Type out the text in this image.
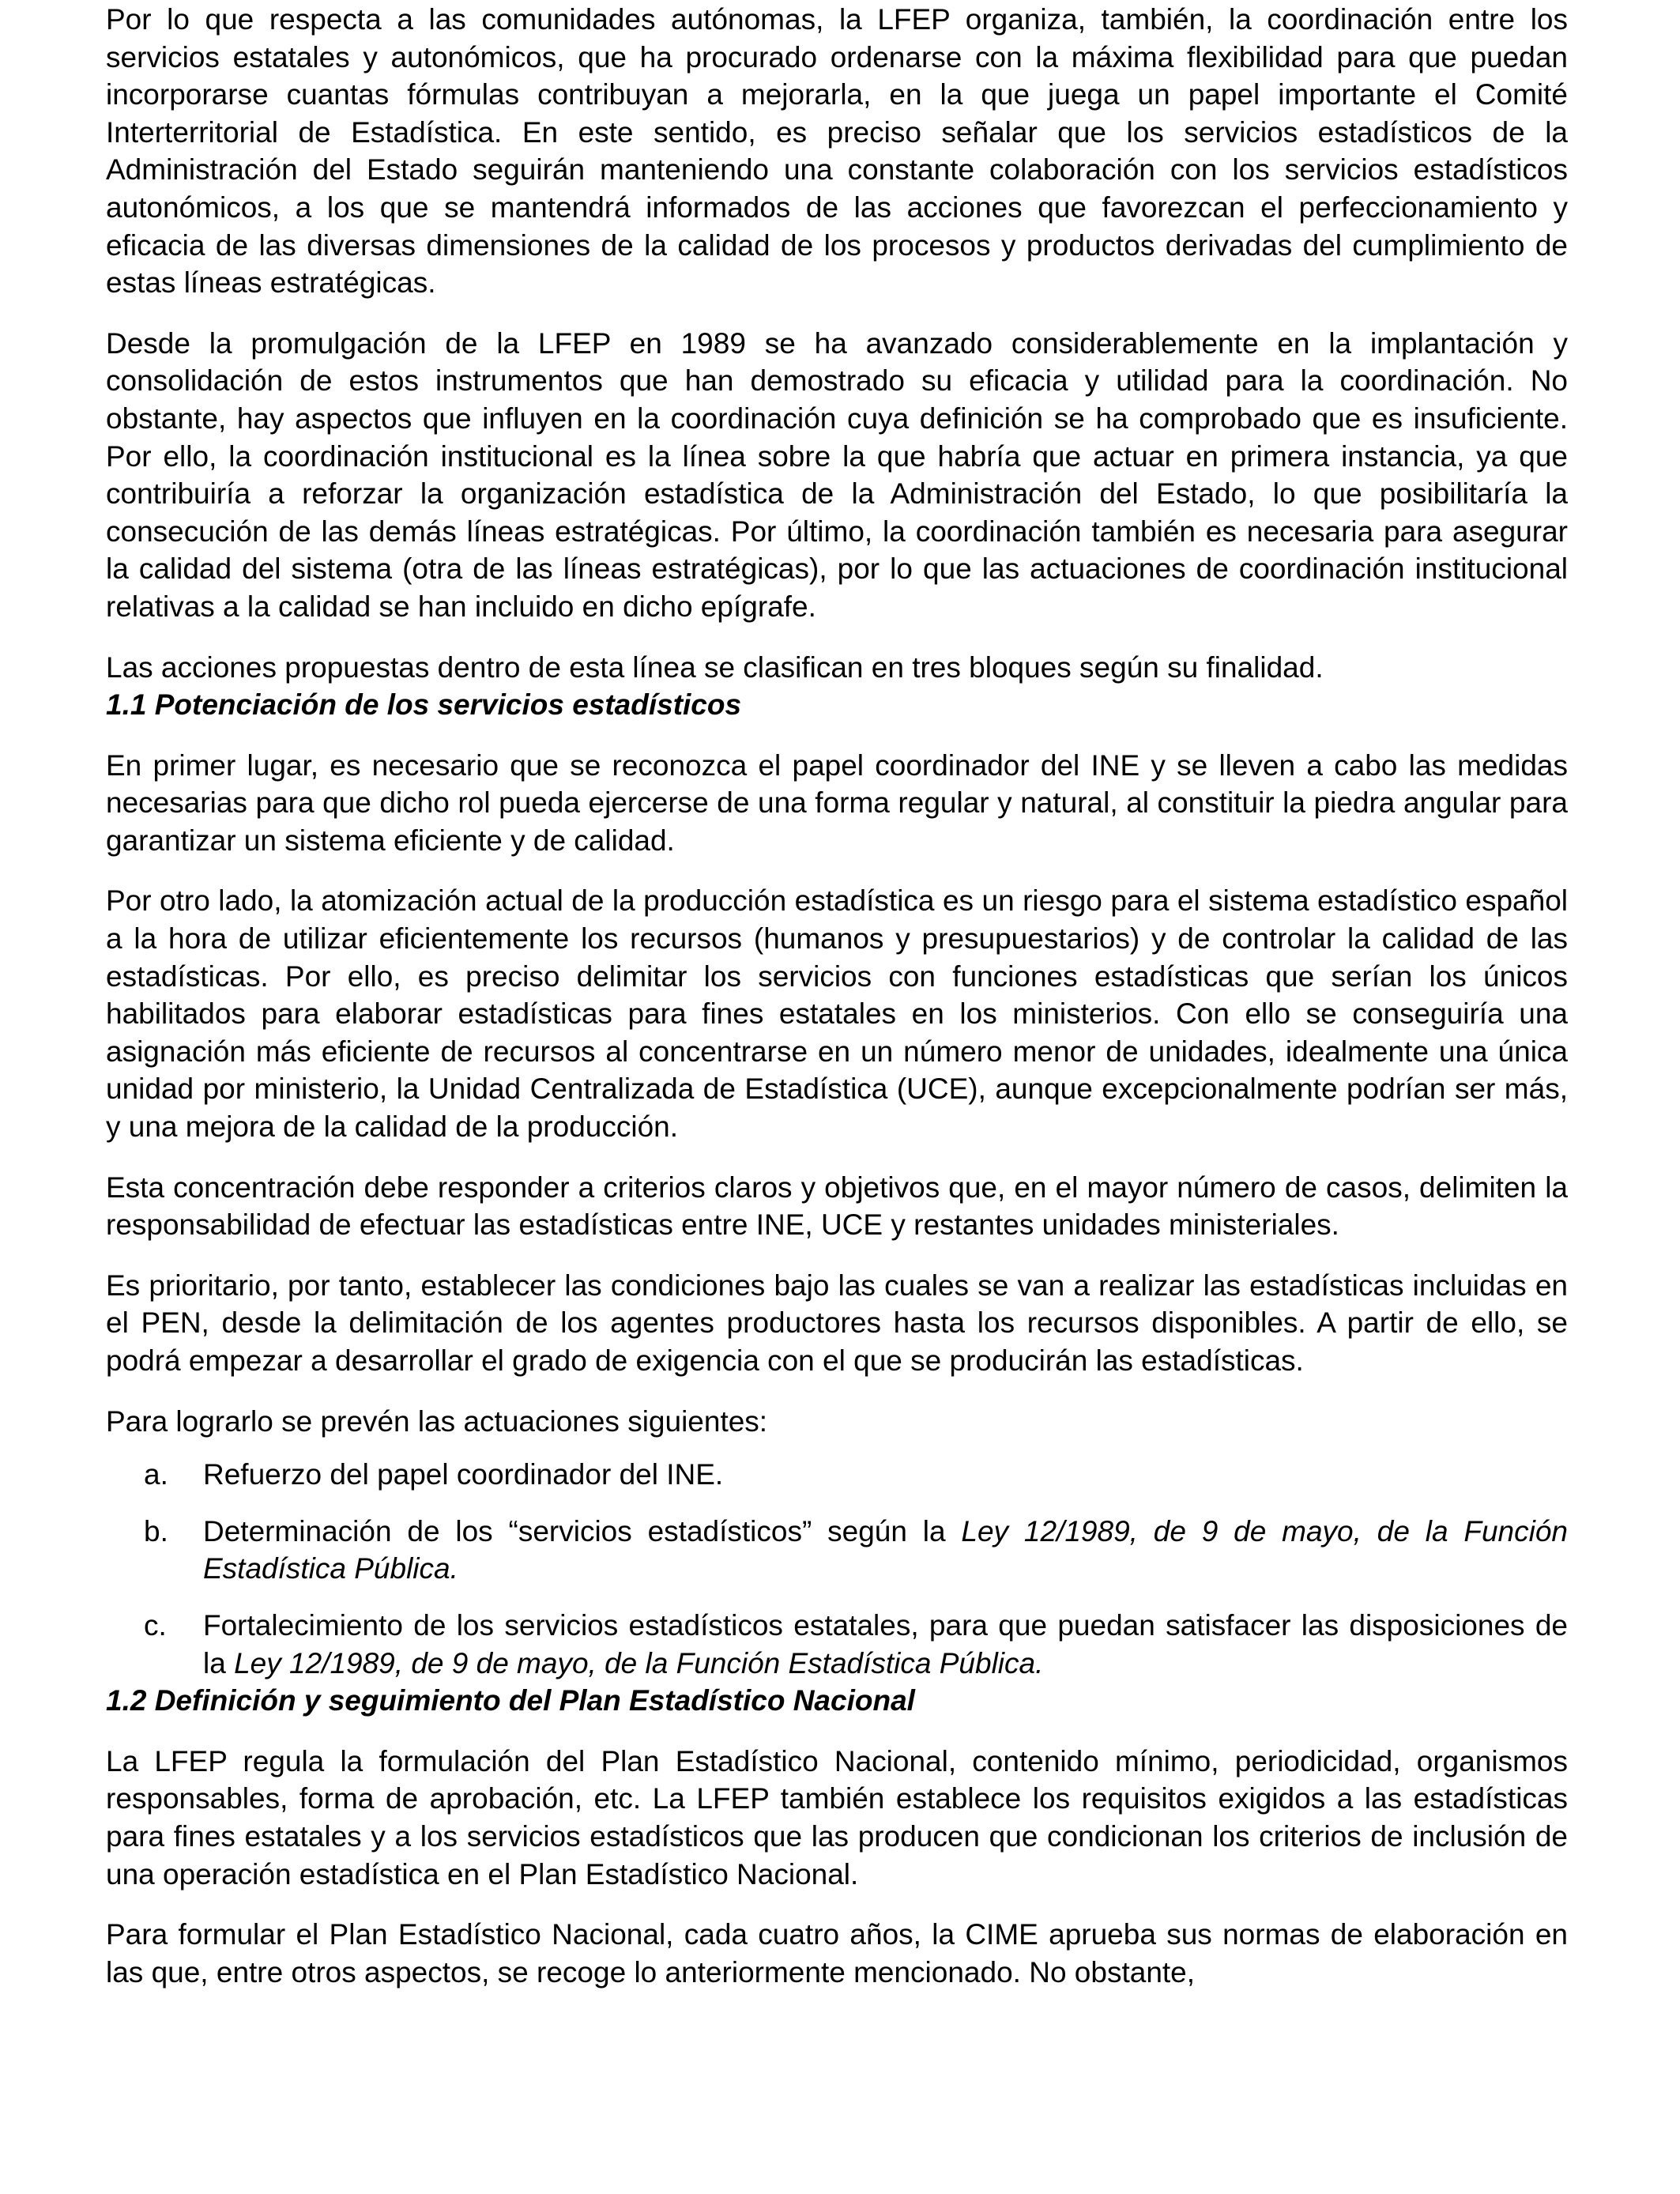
Por lo que respecta a las comunidades autónomas, la LFEP organiza, también, la coordinación entre los servicios estatales y autonómicos, que ha procurado ordenarse con la máxima flexibilidad para que puedan incorporarse cuantas fórmulas contribuyan a mejorarla, en la que juega un papel importante el Comité Interterritorial de Estadística. En este sentido, es preciso señalar que los servicios estadísticos de la Administración del Estado seguirán manteniendo una constante colaboración con los servicios estadísticos autonómicos, a los que se mantendrá informados de las acciones que favorezcan el perfeccionamiento y eficacia de las diversas dimensiones de la calidad de los procesos y productos derivadas del cumplimiento de estas líneas estratégicas.

Desde la promulgación de la LFEP en 1989 se ha avanzado considerablemente en la implantación y consolidación de estos instrumentos que han demostrado su eficacia y utilidad para la coordinación. No obstante, hay aspectos que influyen en la coordinación cuya definición se ha comprobado que es insuficiente. Por ello, la coordinación institucional es la línea sobre la que habría que actuar en primera instancia, ya que contribuiría a reforzar la organización estadística de la Administración del Estado, lo que posibilitaría la consecución de las demás líneas estratégicas. Por último, la coordinación también es necesaria para asegurar la calidad del sistema (otra de las líneas estratégicas), por lo que las actuaciones de coordinación institucional relativas a la calidad se han incluido en dicho epígrafe.

Las acciones propuestas dentro de esta línea se clasifican en tres bloques según su finalidad.

1.1 Potenciación de los servicios estadísticos

En primer lugar, es necesario que se reconozca el papel coordinador del INE y se lleven a cabo las medidas necesarias para que dicho rol pueda ejercerse de una forma regular y natural, al constituir la piedra angular para garantizar un sistema eficiente y de calidad.

Por otro lado, la atomización actual de la producción estadística es un riesgo para el sistema estadístico español a la hora de utilizar eficientemente los recursos (humanos y presupuestarios) y de controlar la calidad de las estadísticas. Por ello, es preciso delimitar los servicios con funciones estadísticas que serían los únicos habilitados para elaborar estadísticas para fines estatales en los ministerios. Con ello se conseguiría una asignación más eficiente de recursos al concentrarse en un número menor de unidades, idealmente una única unidad por ministerio, la Unidad Centralizada de Estadística (UCE), aunque excepcionalmente podrían ser más, y una mejora de la calidad de la producción.

Esta concentración debe responder a criterios claros y objetivos que, en el mayor número de casos, delimiten la responsabilidad de efectuar las estadísticas entre INE, UCE y restantes unidades ministeriales.

Es prioritario, por tanto, establecer las condiciones bajo las cuales se van a realizar las estadísticas incluidas en el PEN, desde la delimitación de los agentes productores hasta los recursos disponibles. A partir de ello, se podrá empezar a desarrollar el grado de exigencia con el que se producirán las estadísticas.

Para lograrlo se prevén las actuaciones siguientes:

a.	Refuerzo del papel coordinador del INE.
b.	Determinación de los “servicios estadísticos” según la Ley 12/1989, de 9 de mayo, de la Función Estadística Pública.
c.	Fortalecimiento de los servicios estadísticos estatales, para que puedan satisfacer las disposiciones de la Ley 12/1989, de 9 de mayo, de la Función Estadística Pública.
1.2 Definición y seguimiento del Plan Estadístico Nacional

La LFEP regula la formulación del Plan Estadístico Nacional, contenido mínimo, periodicidad, organismos responsables, forma de aprobación, etc. La LFEP también establece los requisitos exigidos a las estadísticas para fines estatales y a los servicios estadísticos que las producen que condicionan los criterios de inclusión de una operación estadística en el Plan Estadístico Nacional.

Para formular el Plan Estadístico Nacional, cada cuatro años, la CIME aprueba sus normas de elaboración en las que, entre otros aspectos, se recoge lo anteriormente mencionado. No obstante,
